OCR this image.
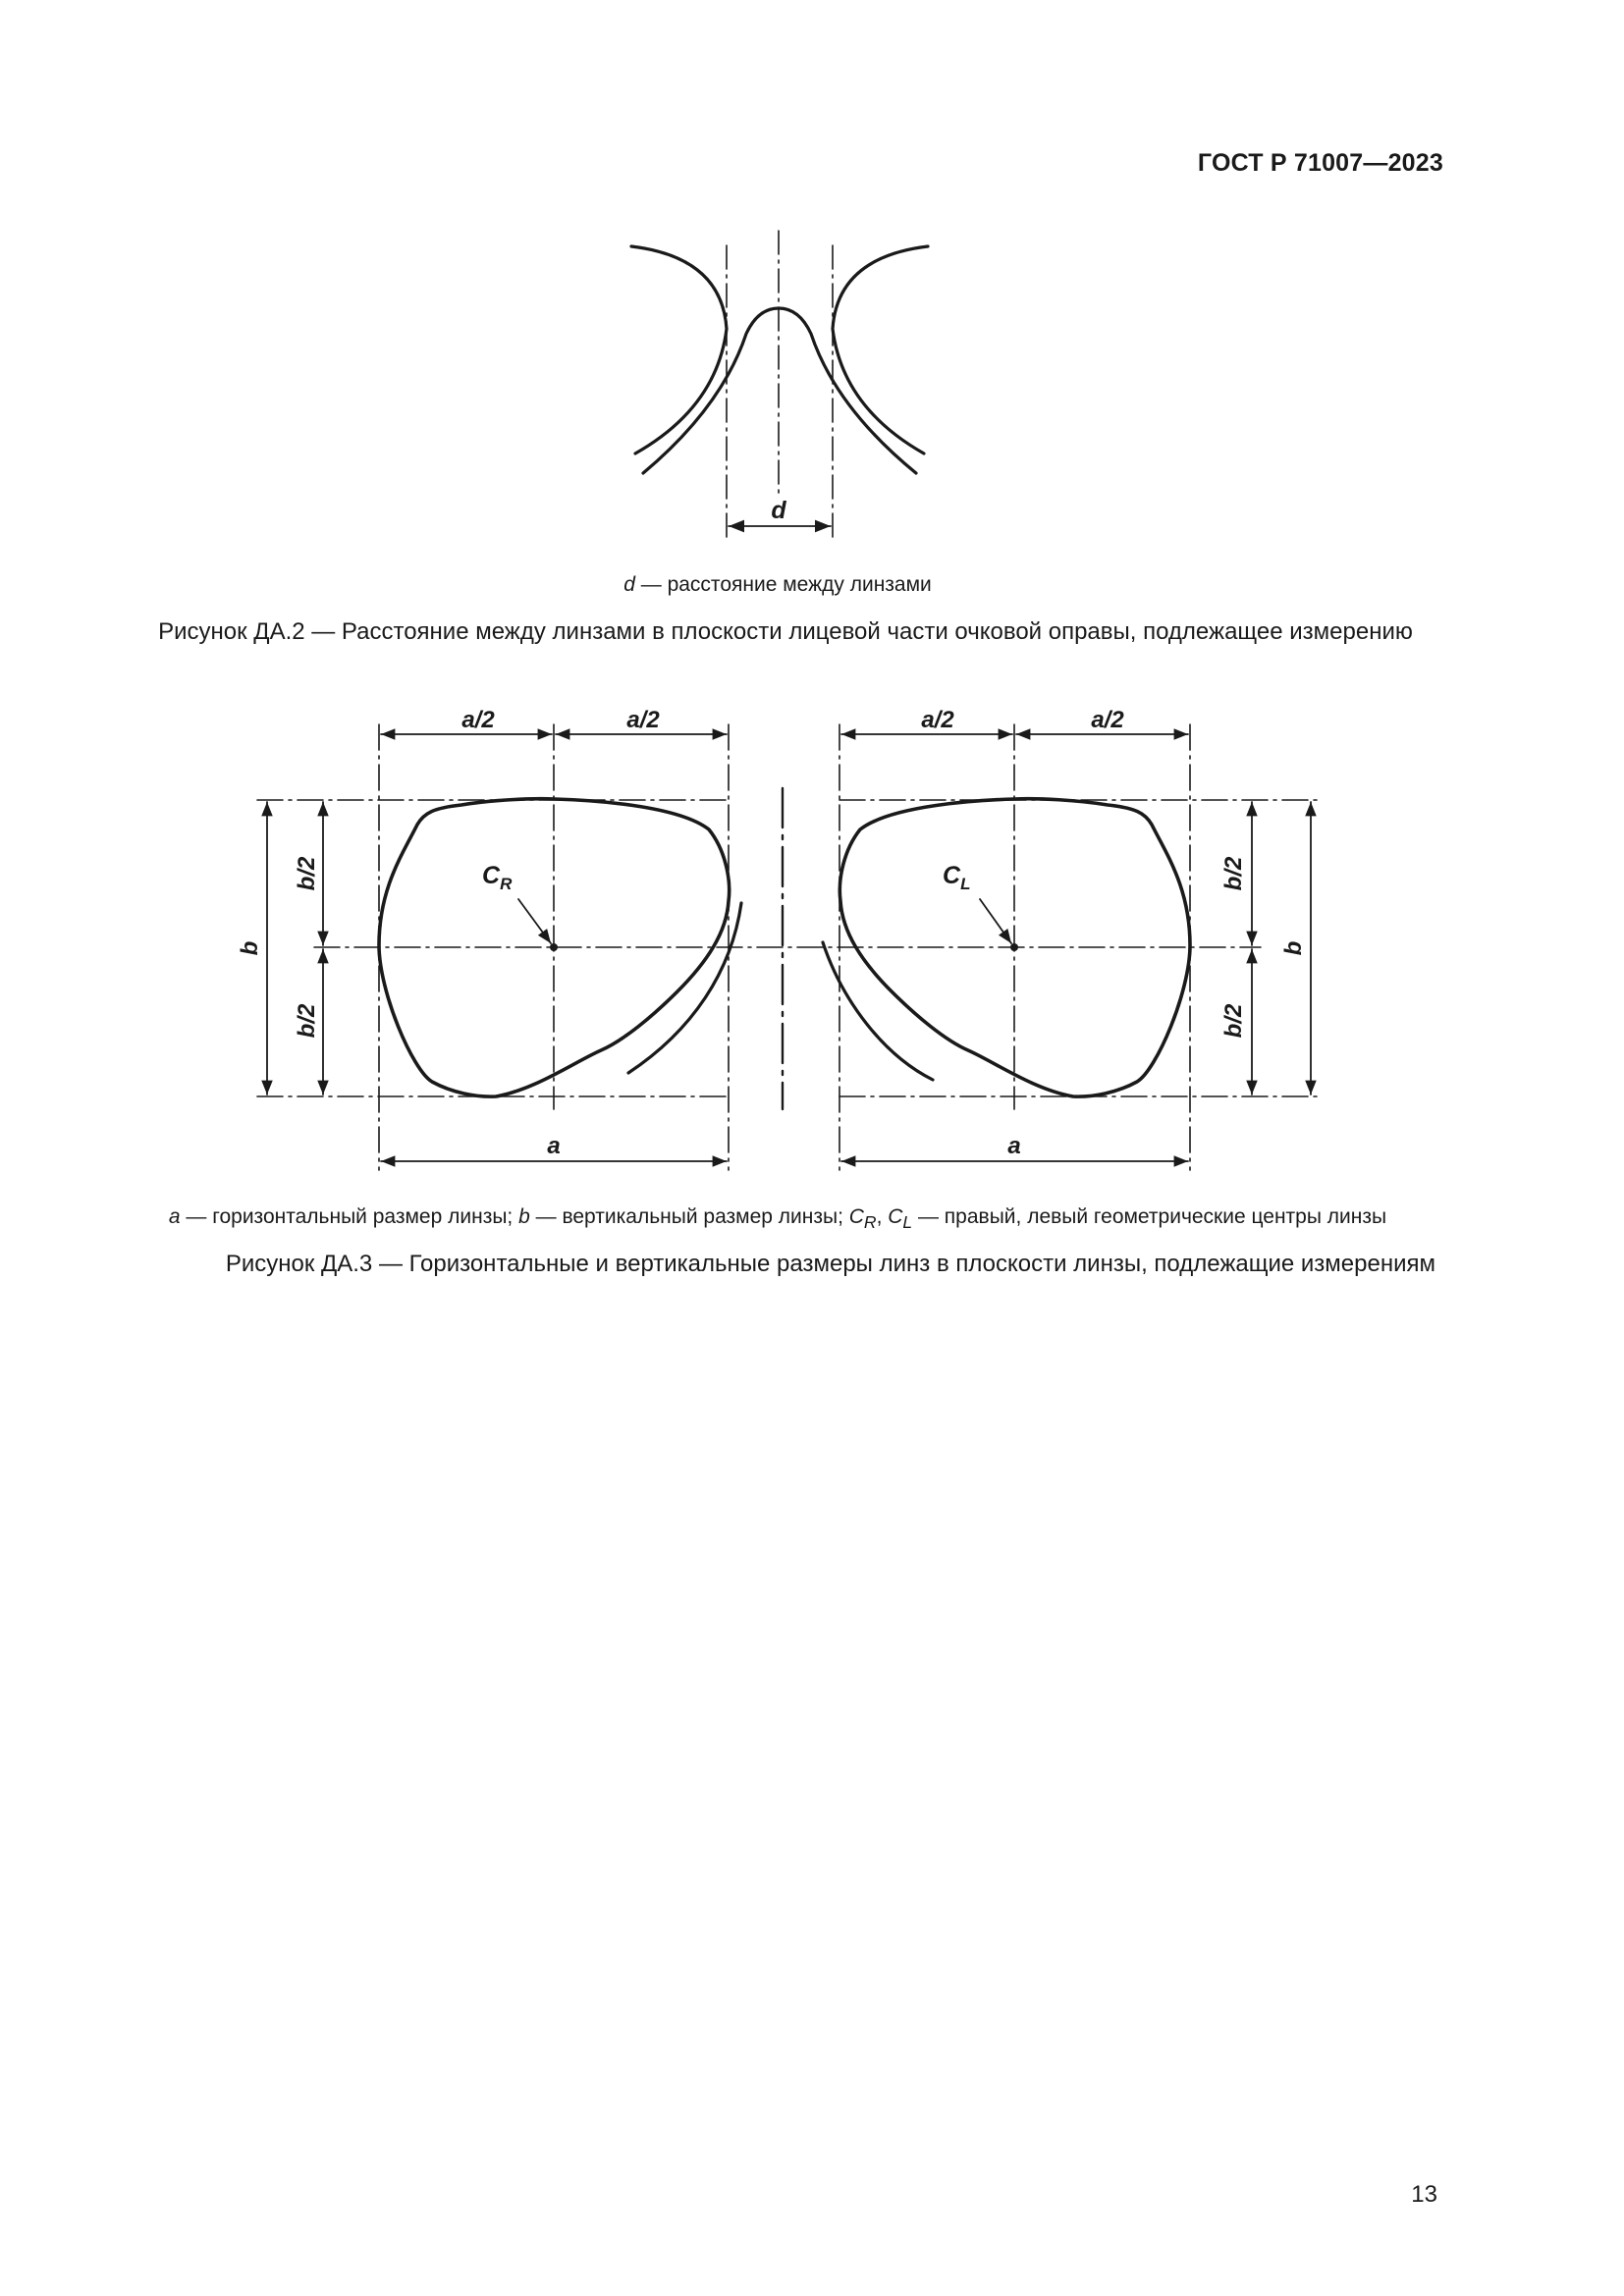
ГОСТ Р 71007—2023
d
d — расстояние между линзами
Рисунок ДА.2 — Расстояние между линзами в плоскости лицевой части очковой оправы, подлежащее измерению
a/2	a/2	a/2	a/2
a	a
b
b/2
b/2
b/2
b/2
b
$C_R$	$C_L$
a — горизонтальный размер линзы; b — вертикальный размер линзы; $C_R$, $C_L$ — правый, левый геометрические центры линзы
Рисунок ДА.3 — Горизонтальные и вертикальные размеры линз в плоскости линзы, подлежащие измерениям
13
